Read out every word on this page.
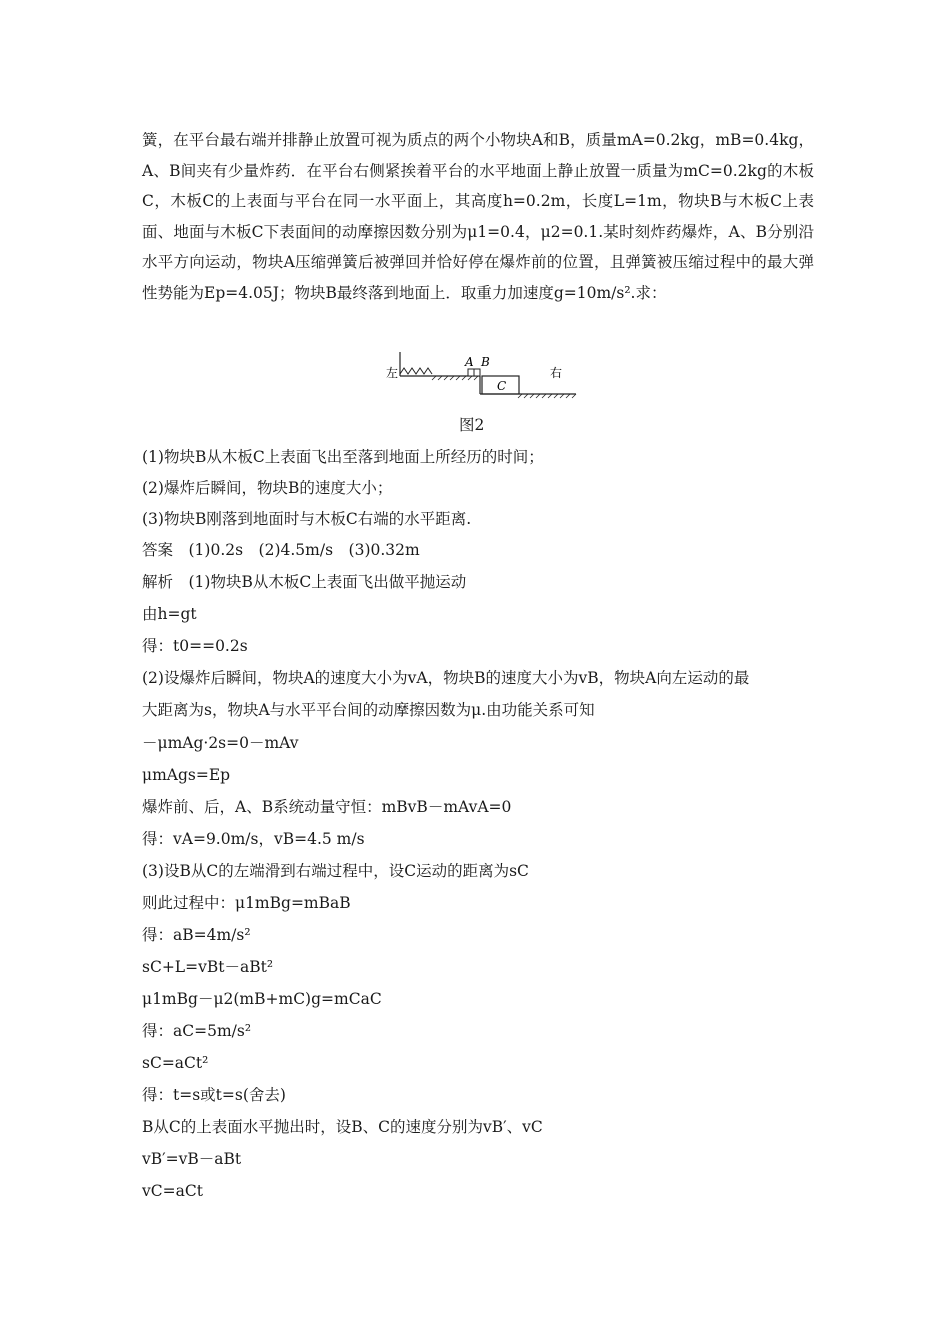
簧，在平台最右端并排静止放置可视为质点的两个小物块A和B，质量mA=0.2kg，mB=0.4kg，A、B间夹有少量炸药．在平台右侧紧挨着平台的水平地面上静止放置一质量为mC=0.2kg的木板C，木板C的上表面与平台在同一水平面上，其高度h=0.2m，长度L=1m，物块B与木板C上表面、地面与木板C下表面间的动摩擦因数分别为μ1=0.4，μ2=0.1.某时刻炸药爆炸，A、B分别沿水平方向运动，物块A压缩弹簧后被弹回并恰好停在爆炸前的位置，且弹簧被压缩过程中的最大弹性势能为Ep=4.05J；物块B最终落到地面上．取重力加速度g=10m/s².求：

左	右
A B
C
图2

(1)物块B从木板C上表面飞出至落到地面上所经历的时间；

(2)爆炸后瞬间，物块B的速度大小；

(3)物块B刚落到地面时与木板C右端的水平距离.

答案　(1)0.2s　(2)4.5m/s　(3)0.32m

解析　(1)物块B从木板C上表面飞出做平抛运动

由h=gt

得：t0==0.2s

(2)设爆炸后瞬间，物块A的速度大小为vA，物块B的速度大小为vB，物块A向左运动的最

大距离为s，物块A与水平平台间的动摩擦因数为μ.由功能关系可知

－μmAg·2s=0－mAv

μmAgs=Ep

爆炸前、后，A、B系统动量守恒：mBvB－mAvA=0

得：vA=9.0m/s，vB=4.5 m/s

(3)设B从C的左端滑到右端过程中，设C运动的距离为sC

则此过程中：μ1mBg=mBaB

得：aB=4m/s²

sC+L=vBt－aBt²

μ1mBg－μ2(mB+mC)g=mCaC

得：aC=5m/s²

sC=aCt²

得：t=s或t=s(舍去)

B从C的上表面水平抛出时，设B、C的速度分别为vB′、vC

vB′=vB－aBt

vC=aCt
